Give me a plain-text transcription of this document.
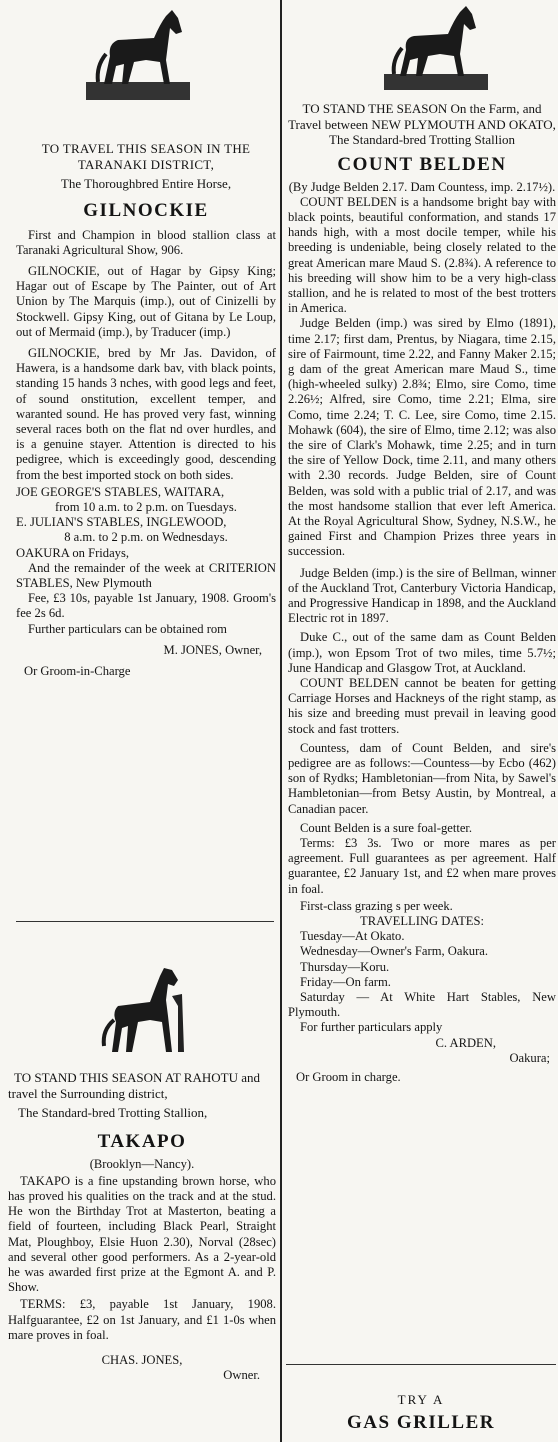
TO TRAVEL THIS SEASON IN THE TARANAKI DISTRICT,

The Thoroughbred Entire Horse,

GILNOCKIE

First and Champion in blood stallion class at Taranaki Agricultural Show, 906.

GILNOCKIE, out of Hagar by Gipsy King; Hagar out of Escape by The Painter, out of Art Union by The Marquis (imp.), out of Cinizelli by Stockwell. Gipsy King, out of Gitana by Le Loup, out of Mermaid (imp.), by Traducer (imp.)

GILNOCKIE, bred by Mr Jas. Davidon, of Hawera, is a handsome dark bav, vith black points, standing 15 hands 3 nches, with good legs and feet, of sound onstitution, excellent temper, and waranted sound. He has proved very fast, winning several races both on the flat nd over hurdles, and is a genuine stayer. Attention is directed to his pedigree, which is exceedingly good, descending from the best imported stock on both sides.

JOE GEORGE'S STABLES, WAITARA,

from 10 a.m. to 2 p.m. on Tuesdays.

E. JULIAN'S STABLES, INGLEWOOD,

8 a.m. to 2 p.m. on Wednesdays.

OAKURA on Fridays,

And the remainder of the week at CRITERION STABLES, New Plymouth

Fee, £3 10s, payable 1st January, 1908. Groom's fee 2s 6d.

Further particulars can be obtained rom

M. JONES, Owner,

Or Groom-in-Charge

TO STAND THIS SEASON AT RAHOTU and travel the Surrounding district,

The Standard-bred Trotting Stallion,

TAKAPO

(Brooklyn—Nancy).

TAKAPO is a fine upstanding brown horse, who has proved his qualities on the track and at the stud. He won the Birthday Trot at Masterton, beating a field of fourteen, including Black Pearl, Straight Mat, Ploughboy, Elsie Huon 2.30), Norval (28sec) and several other good performers. As a 2-year-old he was awarded first prize at the Egmont A. and P. Show.

TERMS: £3, payable 1st January, 1908. Halfguarantee, £2 on 1st January, and £1 1-0s when mare proves in foal.

CHAS. JONES,

Owner.

TO STAND THE SEASON On the Farm, and Travel between NEW PLYMOUTH AND OKATO, The Standard-bred Trotting Stallion

COUNT BELDEN

(By Judge Belden 2.17. Dam Countess, imp. 2.17½).

COUNT BELDEN is a handsome bright bay with black points, beautiful conformation, and stands 17 hands high, with a most docile temper, while his breeding is undeniable, being closely related to the great American mare Maud S. (2.8¾). A reference to his breeding will show him to be a very high-class stallion, and he is related to most of the best trotters in America.

Judge Belden (imp.) was sired by Elmo (1891), time 2.17; first dam, Prentus, by Niagara, time 2.15, sire of Fairmount, time 2.22, and Fanny Maker 2.15; g dam of the great American mare Maud S., time (high-wheeled sulky) 2.8¾; Elmo, sire Como, time 2.26½; Alfred, sire Como, time 2.21; Elma, sire Como, time 2.24; T. C. Lee, sire Como, time 2.15. Mohawk (604), the sire of Elmo, time 2.12; was also the sire of Clark's Mohawk, time 2.25; and in turn the sire of Yellow Dock, time 2.11, and many others with 2.30 records. Judge Belden, sire of Count Belden, was sold with a public trial of 2.17, and was the most handsome stallion that ever left America. At the Royal Agricultural Show, Sydney, N.S.W., he gained First and Champion Prizes three years in succession.

Judge Belden (imp.) is the sire of Bellman, winner of the Auckland Trot, Canterbury Victoria Handicap, and Progressive Handicap in 1898, and the Auckland Electric rot in 1897.

Duke C., out of the same dam as Count Belden (imp.), won Epsom Trot of two miles, time 5.7½; June Handicap and Glasgow Trot, at Auckland.

COUNT BELDEN cannot be beaten for getting Carriage Horses and Hackneys of the right stamp, as his size and breeding must prevail in leaving good stock and fast trotters.

Countess, dam of Count Belden, and sire's pedigree are as follows:—Countess—by Ecbo (462) son of Rydks; Hambletonian—from Nita, by Sawel's Hambletonian—from Betsy Austin, by Montreal, a Canadian pacer.

Count Belden is a sure foal-getter.

Terms: £3 3s. Two or more mares as per agreement. Full guarantees as per agreement. Half guarantee, £2 January 1st, and £2 when mare proves in foal.

First-class grazing s per week.

TRAVELLING DATES:

Tuesday—At Okato.

Wednesday—Owner's Farm, Oakura.

Thursday—Koru.

Friday—On farm.

Saturday — At White Hart Stables, New Plymouth.

For further particulars apply

C. ARDEN,

Oakura;

Or Groom in charge.

TRY A

GAS GRILLER
